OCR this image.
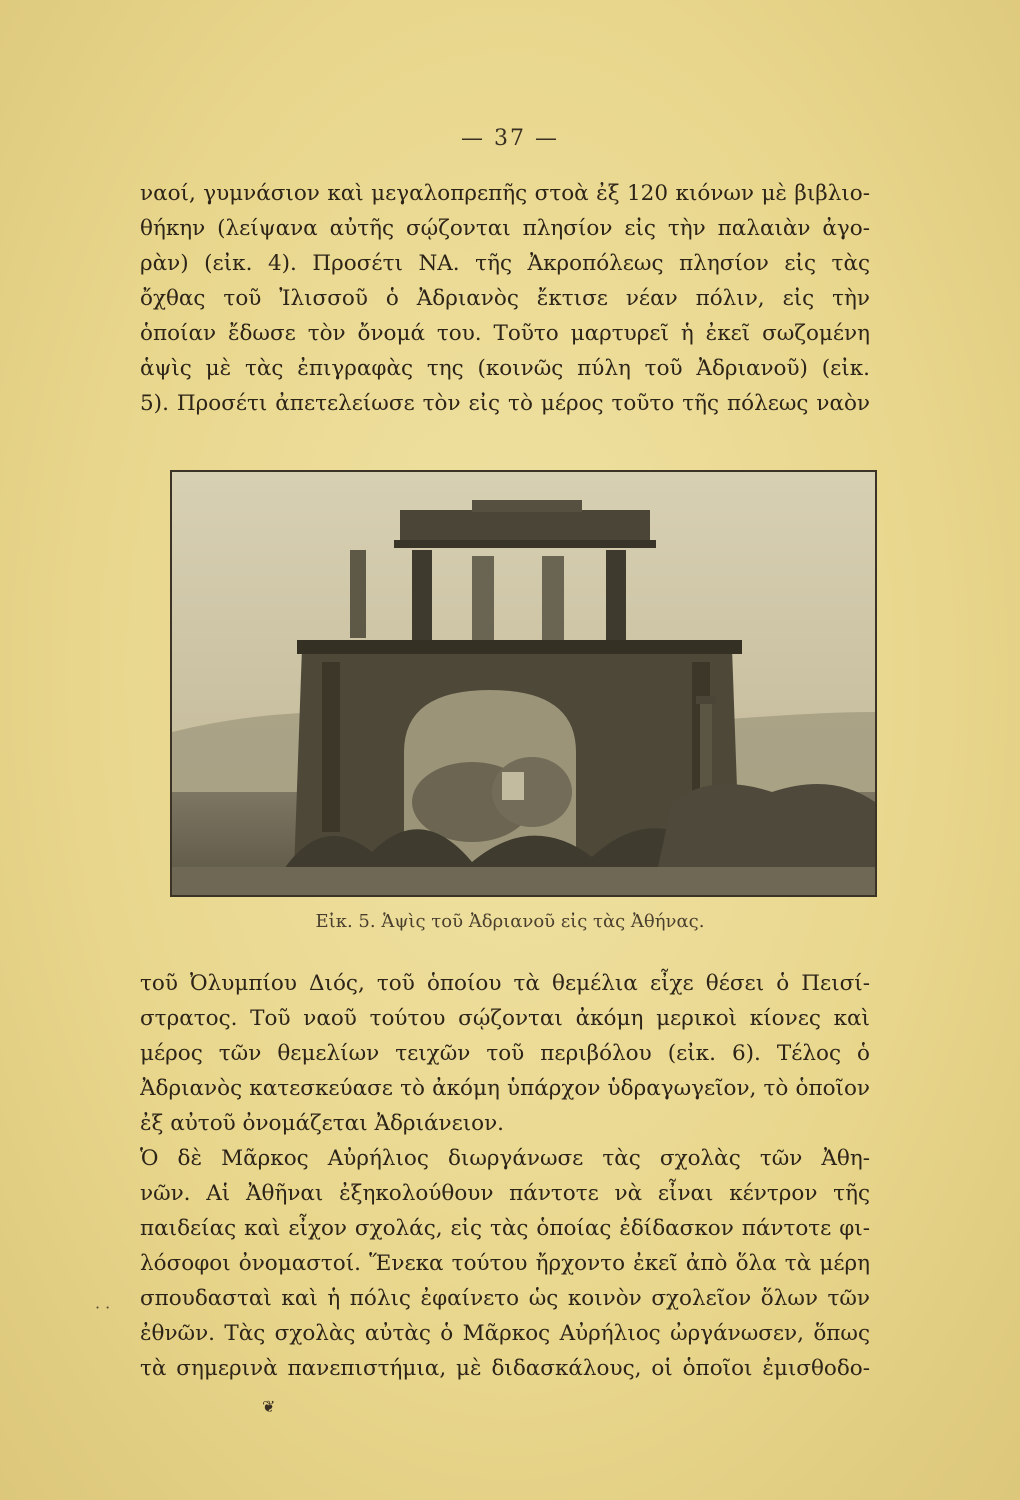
— 37 —
ναοί, γυμνάσιον καὶ μεγαλοπρεπῆς στοὰ ἐξ 120 κιόνων μὲ βιβλιο-
θήκην (λείψανα αὐτῆς σῴζονται πλησίον εἰς τὴν παλαιὰν ἀγο-
ρὰν) (εἰκ. 4). Προσέτι ΝΑ. τῆς Ἀκροπόλεως πλησίον εἰς τὰς
ὄχθας τοῦ Ἰλισσοῦ ὁ Ἀδριανὸς ἔκτισε νέαν πόλιν, εἰς τὴν
ὁποίαν ἔδωσε τὸν ὄνομά του. Τοῦτο μαρτυρεῖ ἡ ἐκεῖ σωζομένη
ἁψὶς μὲ τὰς ἐπιγραφὰς της (κοινῶς πύλη τοῦ Ἀδριανοῦ) (εἰκ.
5). Προσέτι ἀπετελείωσε τὸν εἰς τὸ μέρος τοῦτο τῆς πόλεως ναὸν
Εἰκ. 5. Ἁψὶς τοῦ Ἀδριανοῦ εἰς τὰς Ἀθήνας.
τοῦ Ὀλυμπίου Διός, τοῦ ὁποίου τὰ θεμέλια εἶχε θέσει ὁ Πεισί-
στρατος. Τοῦ ναοῦ τούτου σῴζονται ἀκόμη μερικοὶ κίονες καὶ
μέρος τῶν θεμελίων τειχῶν τοῦ περιβόλου (εἰκ. 6). Τέλος ὁ
Ἀδριανὸς κατεσκεύασε τὸ ἀκόμη ὑπάρχον ὑδραγωγεῖον, τὸ ὁποῖον
ἐξ αὐτοῦ ὀνομάζεται Ἀδριάνειον.
Ὁ δὲ Μᾶρκος Αὐρήλιος διωργάνωσε τὰς σχολὰς τῶν Ἀθη-
νῶν. Αἱ Ἀθῆναι ἐξηκολούθουν πάντοτε νὰ εἶναι κέντρον τῆς
παιδείας καὶ εἶχον σχολάς, εἰς τὰς ὁποίας ἐδίδασκον πάντοτε φι-
λόσοφοι ὀνομαστοί. Ἕνεκα τούτου ἤρχοντο ἐκεῖ ἀπὸ ὅλα τὰ μέρη
σπουδασταὶ καὶ ἡ πόλις ἐφαίνετο ὡς κοινὸν σχολεῖον ὅλων τῶν
ἐθνῶν. Τὰς σχολὰς αὐτὰς ὁ Μᾶρκος Αὐρήλιος ὠργάνωσεν, ὅπως
τὰ σημερινὰ πανεπιστήμια, μὲ διδασκάλους, οἱ ὁποῖοι ἐμισθοδο-
· ·
❦
